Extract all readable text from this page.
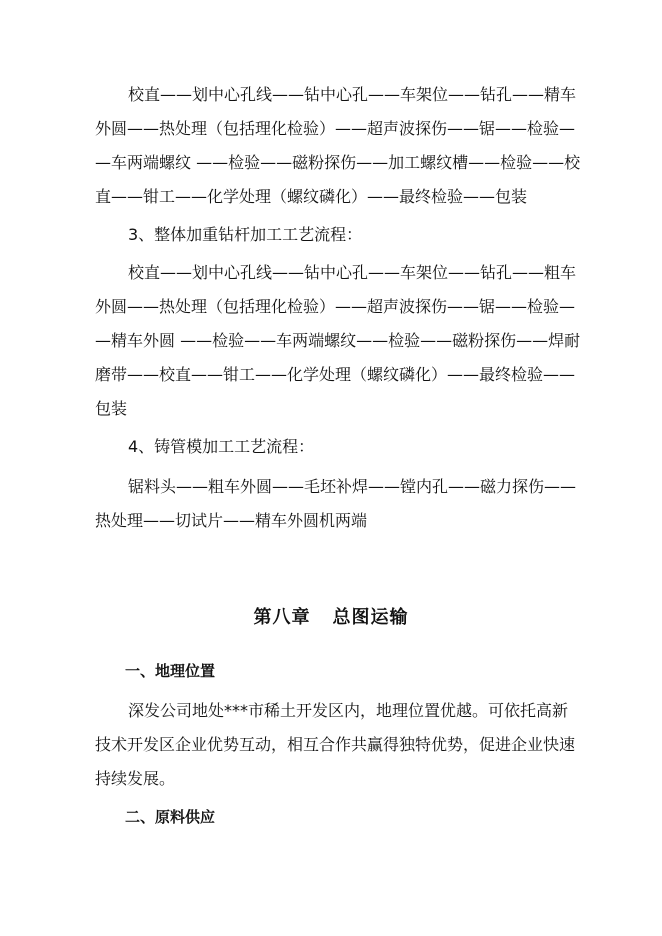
校直——划中心孔线——钻中心孔——车架位——钻孔——精车
外圆——热处理（包括理化检验）——超声波探伤——锯——检验—
—车两端螺纹 ——检验——磁粉探伤——加工螺纹槽——检验——校
直——钳工——化学处理（螺纹磷化）——最终检验——包装
3、整体加重钻杆加工工艺流程：
校直——划中心孔线——钻中心孔——车架位——钻孔——粗车
外圆——热处理（包括理化检验）——超声波探伤——锯——检验—
—精车外圆 ——检验——车两端螺纹——检验——磁粉探伤——焊耐
磨带——校直——钳工——化学处理（螺纹磷化）——最终检验——
包装
4、铸管模加工工艺流程：
锯料头——粗车外圆——毛坯补焊——镗内孔——磁力探伤——
热处理——切试片——精车外圆机两端
第八章 总图运输

一、地理位置

深发公司地处***市稀土开发区内，地理位置优越。可依托高新
技术开发区企业优势互动，相互合作共赢得独特优势，促进企业快速
持续发展。

二、原料供应
